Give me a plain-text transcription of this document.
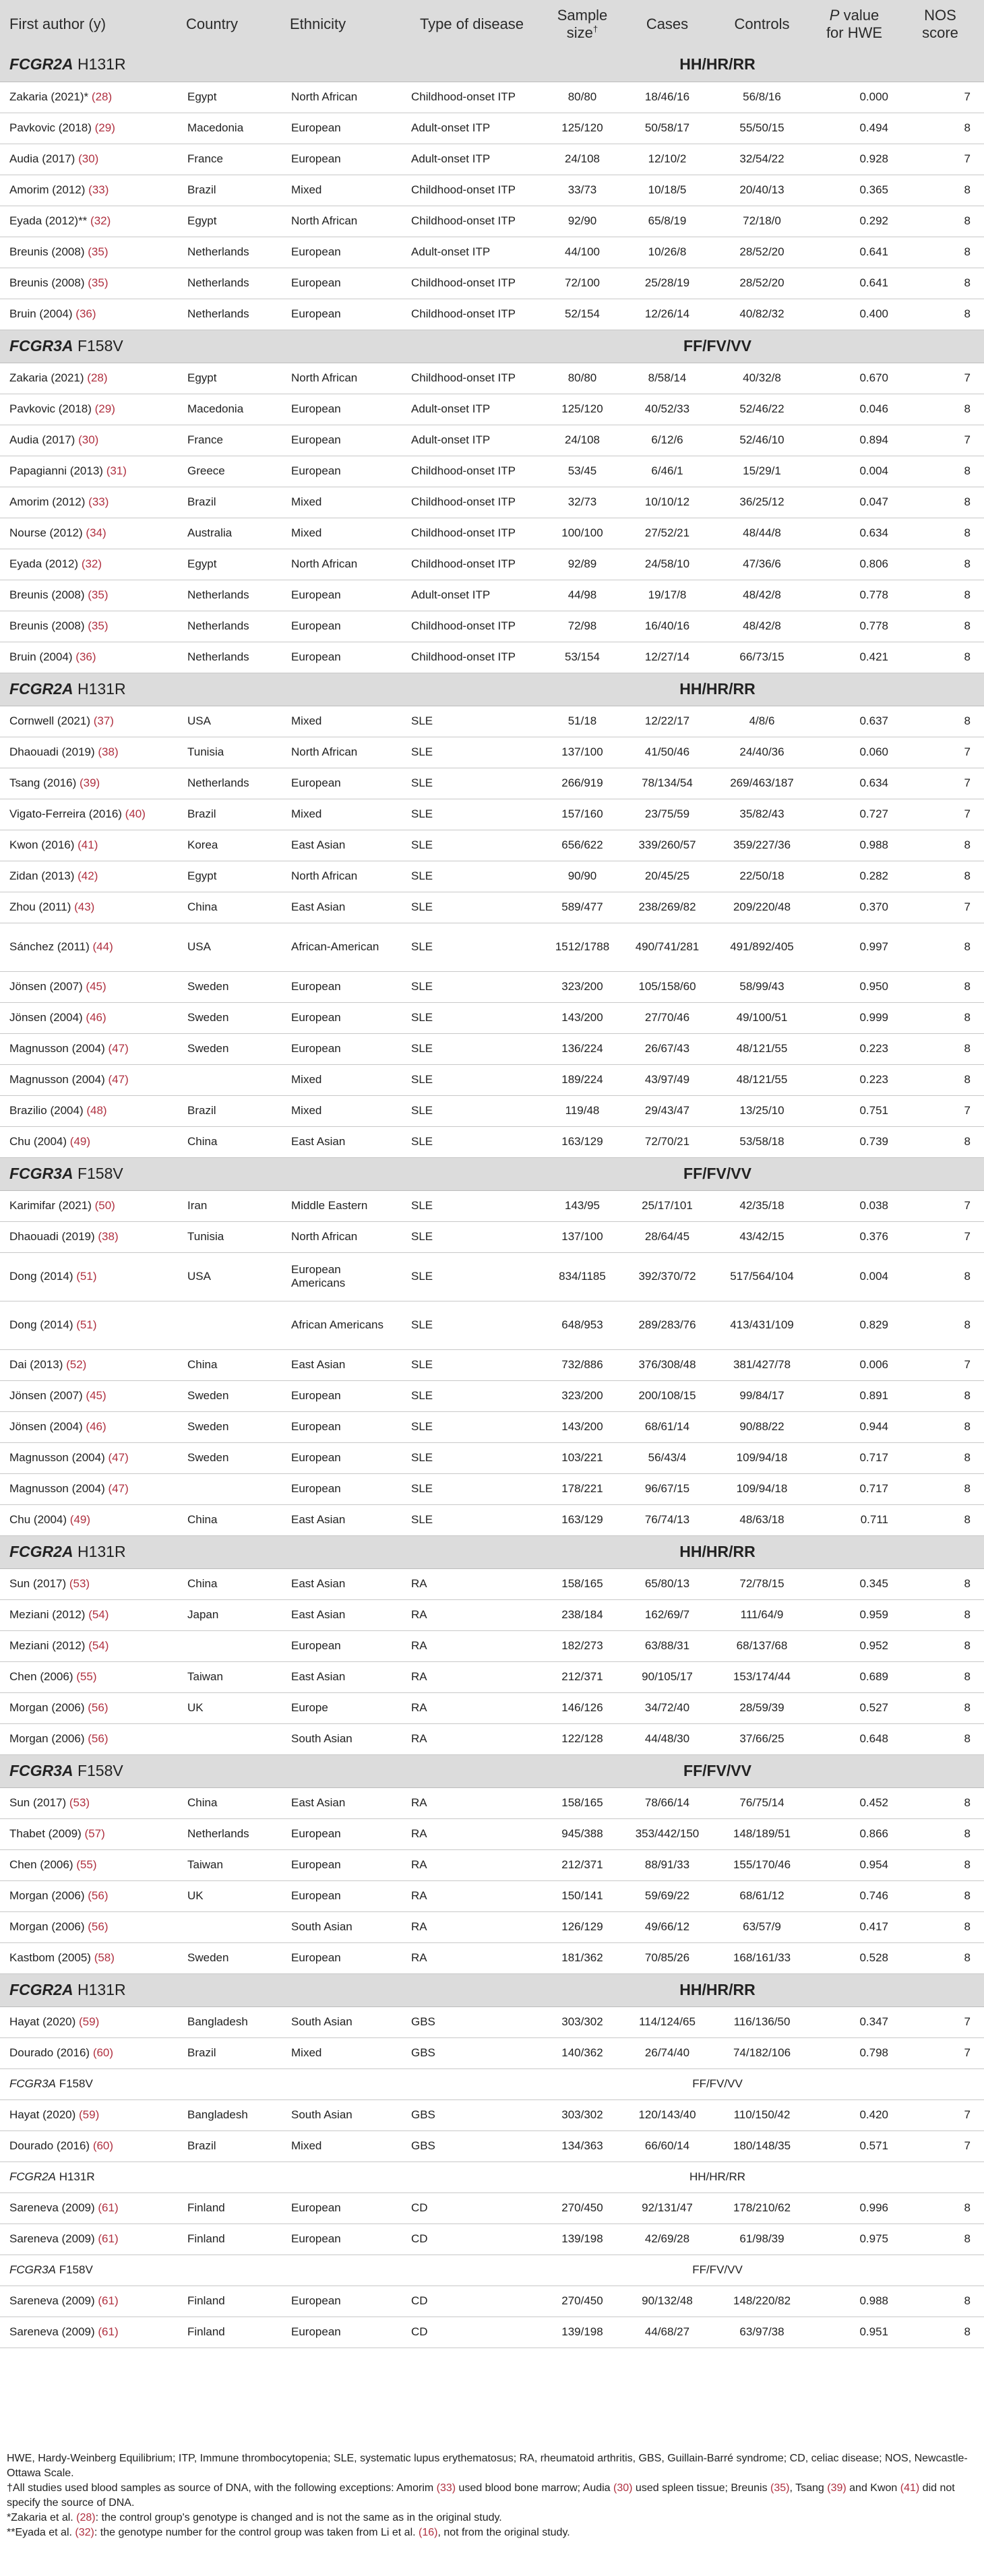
First author (y)	Country	Ethnicity	Type of disease	Sample size†	Cases	Controls	P value for HWE	NOS score
FCGR2A H131R					HH/HR/RR			
Zakaria (2021)* (28)	Egypt	North African	Childhood-onset ITP	80/80	18/46/16	56/8/16	0.000	7
Pavkovic (2018) (29)	Macedonia	European	Adult-onset ITP	125/120	50/58/17	55/50/15	0.494	8
Audia (2017) (30)	France	European	Adult-onset ITP	24/108	12/10/2	32/54/22	0.928	7
Amorim (2012) (33)	Brazil	Mixed	Childhood-onset ITP	33/73	10/18/5	20/40/13	0.365	8
Eyada (2012)** (32)	Egypt	North African	Childhood-onset ITP	92/90	65/8/19	72/18/0	0.292	8
Breunis (2008) (35)	Netherlands	European	Adult-onset ITP	44/100	10/26/8	28/52/20	0.641	8
Breunis (2008) (35)	Netherlands	European	Childhood-onset ITP	72/100	25/28/19	28/52/20	0.641	8
Bruin (2004) (36)	Netherlands	European	Childhood-onset ITP	52/154	12/26/14	40/82/32	0.400	8
FCGR3A F158V					FF/FV/VV			
Zakaria (2021) (28)	Egypt	North African	Childhood-onset ITP	80/80	8/58/14	40/32/8	0.670	7
Pavkovic (2018) (29)	Macedonia	European	Adult-onset ITP	125/120	40/52/33	52/46/22	0.046	8
Audia (2017) (30)	France	European	Adult-onset ITP	24/108	6/12/6	52/46/10	0.894	7
Papagianni (2013) (31)	Greece	European	Childhood-onset ITP	53/45	6/46/1	15/29/1	0.004	8
Amorim (2012) (33)	Brazil	Mixed	Childhood-onset ITP	32/73	10/10/12	36/25/12	0.047	8
Nourse (2012) (34)	Australia	Mixed	Childhood-onset ITP	100/100	27/52/21	48/44/8	0.634	8
Eyada (2012) (32)	Egypt	North African	Childhood-onset ITP	92/89	24/58/10	47/36/6	0.806	8
Breunis (2008) (35)	Netherlands	European	Adult-onset ITP	44/98	19/17/8	48/42/8	0.778	8
Breunis (2008) (35)	Netherlands	European	Childhood-onset ITP	72/98	16/40/16	48/42/8	0.778	8
Bruin (2004) (36)	Netherlands	European	Childhood-onset ITP	53/154	12/27/14	66/73/15	0.421	8
FCGR2A H131R					HH/HR/RR			
Cornwell (2021) (37)	USA	Mixed	SLE	51/18	12/22/17	4/8/6	0.637	8
Dhaouadi (2019) (38)	Tunisia	North African	SLE	137/100	41/50/46	24/40/36	0.060	7
Tsang (2016) (39)	Netherlands	European	SLE	266/919	78/134/54	269/463/187	0.634	7
Vigato-Ferreira (2016) (40)	Brazil	Mixed	SLE	157/160	23/75/59	35/82/43	0.727	7
Kwon (2016) (41)	Korea	East Asian	SLE	656/622	339/260/57	359/227/36	0.988	8
Zidan (2013) (42)	Egypt	North African	SLE	90/90	20/45/25	22/50/18	0.282	8
Zhou (2011) (43)	China	East Asian	SLE	589/477	238/269/82	209/220/48	0.370	7
Sánchez (2011) (44)	USA	African-American	SLE	1512/1788	490/741/281	491/892/405	0.997	8
Jönsen (2007) (45)	Sweden	European	SLE	323/200	105/158/60	58/99/43	0.950	8
Jönsen (2004) (46)	Sweden	European	SLE	143/200	27/70/46	49/100/51	0.999	8
Magnusson (2004) (47)	Sweden	European	SLE	136/224	26/67/43	48/121/55	0.223	8
Magnusson (2004) (47)		Mixed	SLE	189/224	43/97/49	48/121/55	0.223	8
Brazilio (2004) (48)	Brazil	Mixed	SLE	119/48	29/43/47	13/25/10	0.751	7
Chu (2004) (49)	China	East Asian	SLE	163/129	72/70/21	53/58/18	0.739	8
FCGR3A F158V					FF/FV/VV			
Karimifar (2021) (50)	Iran	Middle Eastern	SLE	143/95	25/17/101	42/35/18	0.038	7
Dhaouadi (2019) (38)	Tunisia	North African	SLE	137/100	28/64/45	43/42/15	0.376	7
Dong (2014) (51)	USA	European Americans	SLE	834/1185	392/370/72	517/564/104	0.004	8
Dong (2014) (51)		African Americans	SLE	648/953	289/283/76	413/431/109	0.829	8
Dai (2013) (52)	China	East Asian	SLE	732/886	376/308/48	381/427/78	0.006	7
Jönsen (2007) (45)	Sweden	European	SLE	323/200	200/108/15	99/84/17	0.891	8
Jönsen (2004) (46)	Sweden	European	SLE	143/200	68/61/14	90/88/22	0.944	8
Magnusson (2004) (47)	Sweden	European	SLE	103/221	56/43/4	109/94/18	0.717	8
Magnusson (2004) (47)		European	SLE	178/221	96/67/15	109/94/18	0.717	8
Chu (2004) (49)	China	East Asian	SLE	163/129	76/74/13	48/63/18	0.711	8
FCGR2A H131R					HH/HR/RR			
Sun (2017) (53)	China	East Asian	RA	158/165	65/80/13	72/78/15	0.345	8
Meziani (2012) (54)	Japan	East Asian	RA	238/184	162/69/7	111/64/9	0.959	8
Meziani (2012) (54)		European	RA	182/273	63/88/31	68/137/68	0.952	8
Chen (2006) (55)	Taiwan	East Asian	RA	212/371	90/105/17	153/174/44	0.689	8
Morgan (2006) (56)	UK	Europe	RA	146/126	34/72/40	28/59/39	0.527	8
Morgan (2006) (56)		South Asian	RA	122/128	44/48/30	37/66/25	0.648	8
FCGR3A F158V					FF/FV/VV			
Sun (2017) (53)	China	East Asian	RA	158/165	78/66/14	76/75/14	0.452	8
Thabet (2009) (57)	Netherlands	European	RA	945/388	353/442/150	148/189/51	0.866	8
Chen (2006) (55)	Taiwan	European	RA	212/371	88/91/33	155/170/46	0.954	8
Morgan (2006) (56)	UK	European	RA	150/141	59/69/22	68/61/12	0.746	8
Morgan (2006) (56)		South Asian	RA	126/129	49/66/12	63/57/9	0.417	8
Kastbom (2005) (58)	Sweden	European	RA	181/362	70/85/26	168/161/33	0.528	8
FCGR2A H131R					HH/HR/RR			
Hayat (2020) (59)	Bangladesh	South Asian	GBS	303/302	114/124/65	116/136/50	0.347	7
Dourado (2016) (60)	Brazil	Mixed	GBS	140/362	26/74/40	74/182/106	0.798	7
FCGR3A F158V					FF/FV/VV			
Hayat (2020) (59)	Bangladesh	South Asian	GBS	303/302	120/143/40	110/150/42	0.420	7
Dourado (2016) (60)	Brazil	Mixed	GBS	134/363	66/60/14	180/148/35	0.571	7
FCGR2A H131R					HH/HR/RR			
Sareneva (2009) (61)	Finland	European	CD	270/450	92/131/47	178/210/62	0.996	8
Sareneva (2009) (61)	Finland	European	CD	139/198	42/69/28	61/98/39	0.975	8
FCGR3A F158V					FF/FV/VV			
Sareneva (2009) (61)	Finland	European	CD	270/450	90/132/48	148/220/82	0.988	8
Sareneva (2009) (61)	Finland	European	CD	139/198	44/68/27	63/97/38	0.951	8

HWE, Hardy-Weinberg Equilibrium; ITP, Immune thrombocytopenia; SLE, systematic lupus erythematosus; RA, rheumatoid arthritis, GBS, Guillain-Barré syndrome; CD, celiac disease; NOS, Newcastle-Ottawa Scale.

†All studies used blood samples as source of DNA, with the following exceptions: Amorim (33) used blood bone marrow; Audia (30) used spleen tissue; Breunis (35), Tsang (39) and Kwon (41) did not specify the source of DNA.

*Zakaria et al. (28): the control group's genotype is changed and is not the same as in the original study.

**Eyada et al. (32): the genotype number for the control group was taken from Li et al. (16), not from the original study.
